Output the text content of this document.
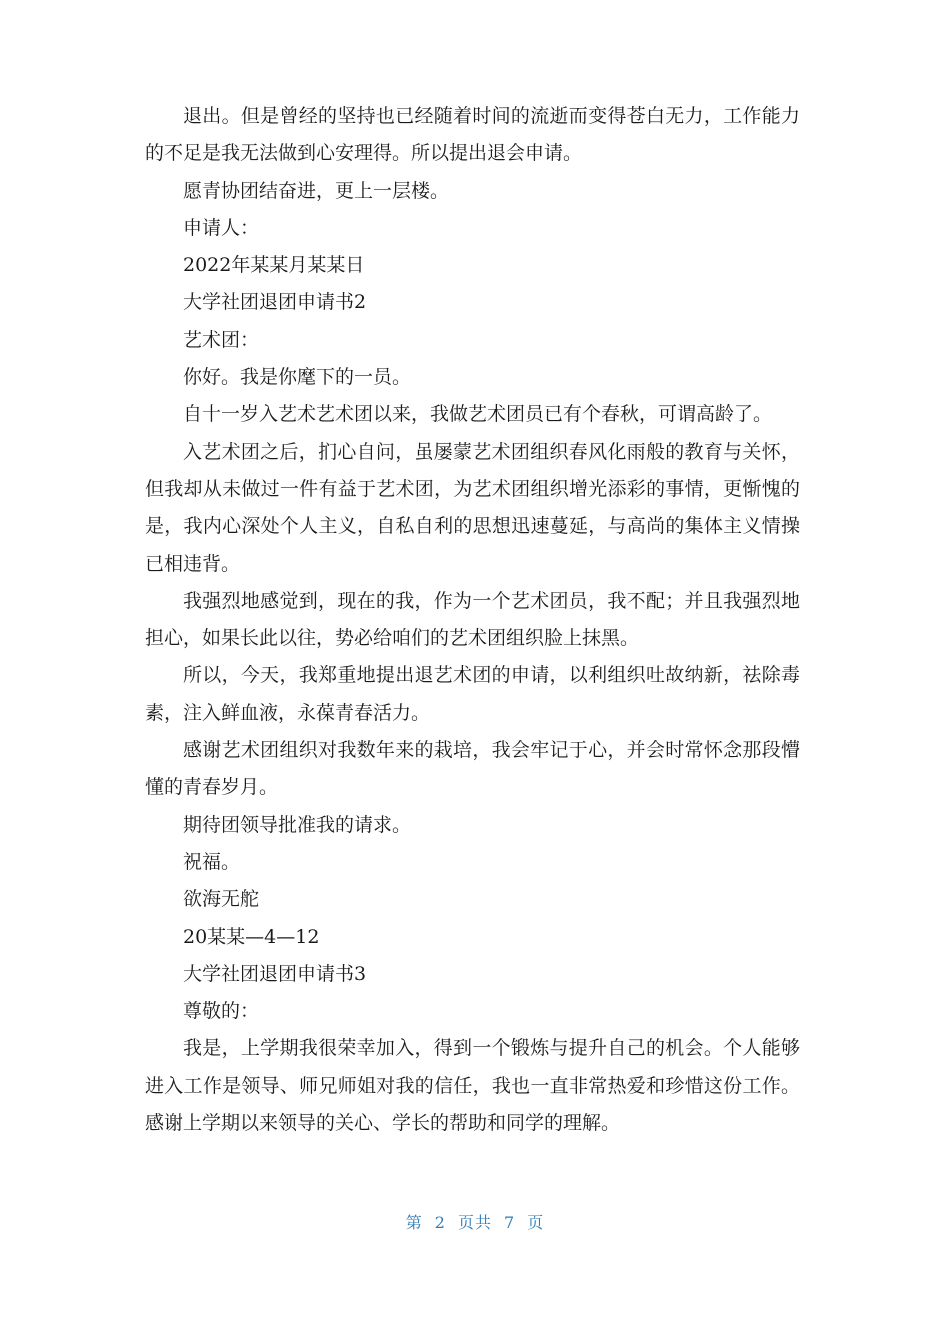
退出。但是曾经的坚持也已经随着时间的流逝而变得苍白无力，工作能力的不足是我无法做到心安理得。所以提出退会申请。

愿青协团结奋进，更上一层楼。

申请人：

2022年某某月某某日

大学社团退团申请书2

艺术团：

你好。我是你麾下的一员。

自十一岁入艺术艺术团以来，我做艺术团员已有个春秋，可谓高龄了。

入艺术团之后，扪心自问，虽屡蒙艺术团组织春风化雨般的教育与关怀，但我却从未做过一件有益于艺术团，为艺术团组织增光添彩的事情，更惭愧的是，我内心深处个人主义，自私自利的思想迅速蔓延，与高尚的集体主义情操已相违背。

我强烈地感觉到，现在的我，作为一个艺术团员，我不配；并且我强烈地担心，如果长此以往，势必给咱们的艺术团组织脸上抹黑。

所以，今天，我郑重地提出退艺术团的申请，以利组织吐故纳新，祛除毒素，注入鲜血液，永葆青春活力。

感谢艺术团组织对我数年来的栽培，我会牢记于心，并会时常怀念那段懵懂的青春岁月。

期待团领导批准我的请求。

祝福。

欲海无舵

20某某—4—12

大学社团退团申请书3

尊敬的：

我是，上学期我很荣幸加入，得到一个锻炼与提升自己的机会。个人能够进入工作是领导、师兄师姐对我的信任，我也一直非常热爱和珍惜这份工作。感谢上学期以来领导的关心、学长的帮助和同学的理解。

第 2 页共 7 页
